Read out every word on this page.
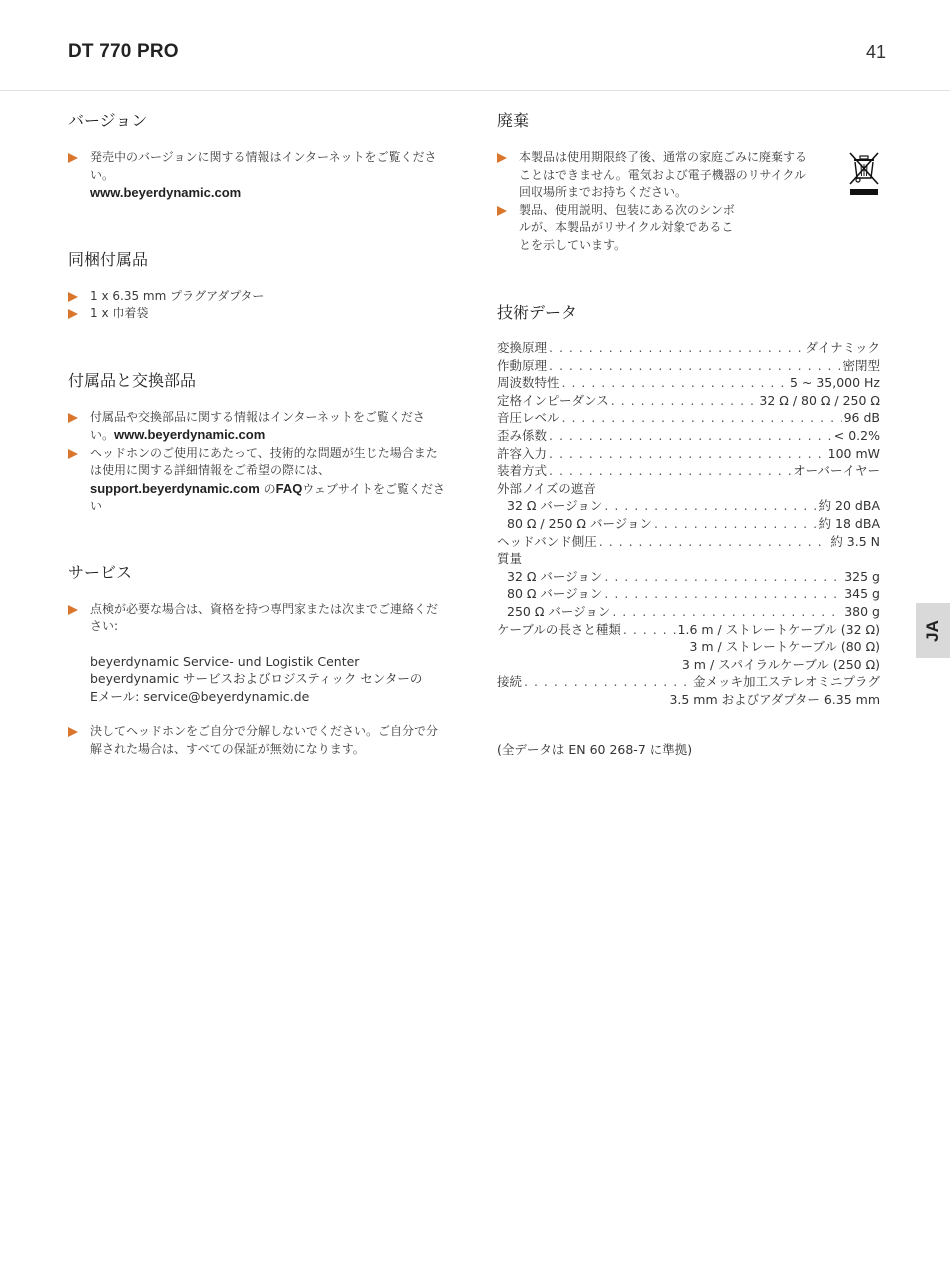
DT 770 PRO	41
JA
バージョン
発売中のバージョンに関する情報はインターネットをご覧ください。
www.beyerdynamic.com
同梱付属品
1 x 6.35 mm プラグアダプター
1 x 巾着袋
付属品と交換部品
付属品や交換部品に関する情報はインターネットをご覧ください。www.beyerdynamic.com
ヘッドホンのご使用にあたって、技術的な問題が生じた場合または使用に関する詳細情報をご希望の際には、support.beyerdynamic.com のFAQウェブサイトをご覧ください
サービス
点検が必要な場合は、資格を持つ専門家または次までご連絡ください:
beyerdynamic Service- und Logistik Center
beyerdynamic サービスおよびロジスティック センターの
Eメール: service@beyerdynamic.de
決してヘッドホンをご自分で分解しないでください。ご自分で分解された場合は、すべての保証が無効になります。
廃棄
本製品は使用期限終了後、通常の家庭ごみに廃棄することはできません。電気および電子機器のリサイクル回収場所までお持ちください。
製品、使用説明、包装にある次のシンボルが、本製品がリサイクル対象であることを示しています。
技術データ
変換原理 . . .	ダイナミック
作動原理 . . .	密閉型
周波数特性 . . .	5 ~ 35,000 Hz
定格インピーダンス . . .	32 Ω / 80 Ω / 250 Ω
音圧レベル . . .	96 dB
歪み係数 . . .	< 0.2%
許容入力 . . .	100 mW
装着方式 . . .	オーバーイヤー
外部ノイズの遮音
32 Ω バージョン . . .	約 20 dBA
80 Ω / 250 Ω バージョン . . .	約 18 dBA
ヘッドバンド側圧 . . .	約 3.5 N
質量
32 Ω バージョン . . .	325 g
80 Ω バージョン . . .	345 g
250 Ω バージョン . . .	380 g
ケーブルの長さと種類 . . .	1.6 m / ストレートケーブル (32 Ω)
3 m / ストレートケーブル (80 Ω)
3 m / スパイラルケーブル (250 Ω)
接続 . . .	金メッキ加工ステレオミニプラグ
3.5 mm およびアダプター 6.35 mm
(全データは EN 60 268-7 に準拠)
